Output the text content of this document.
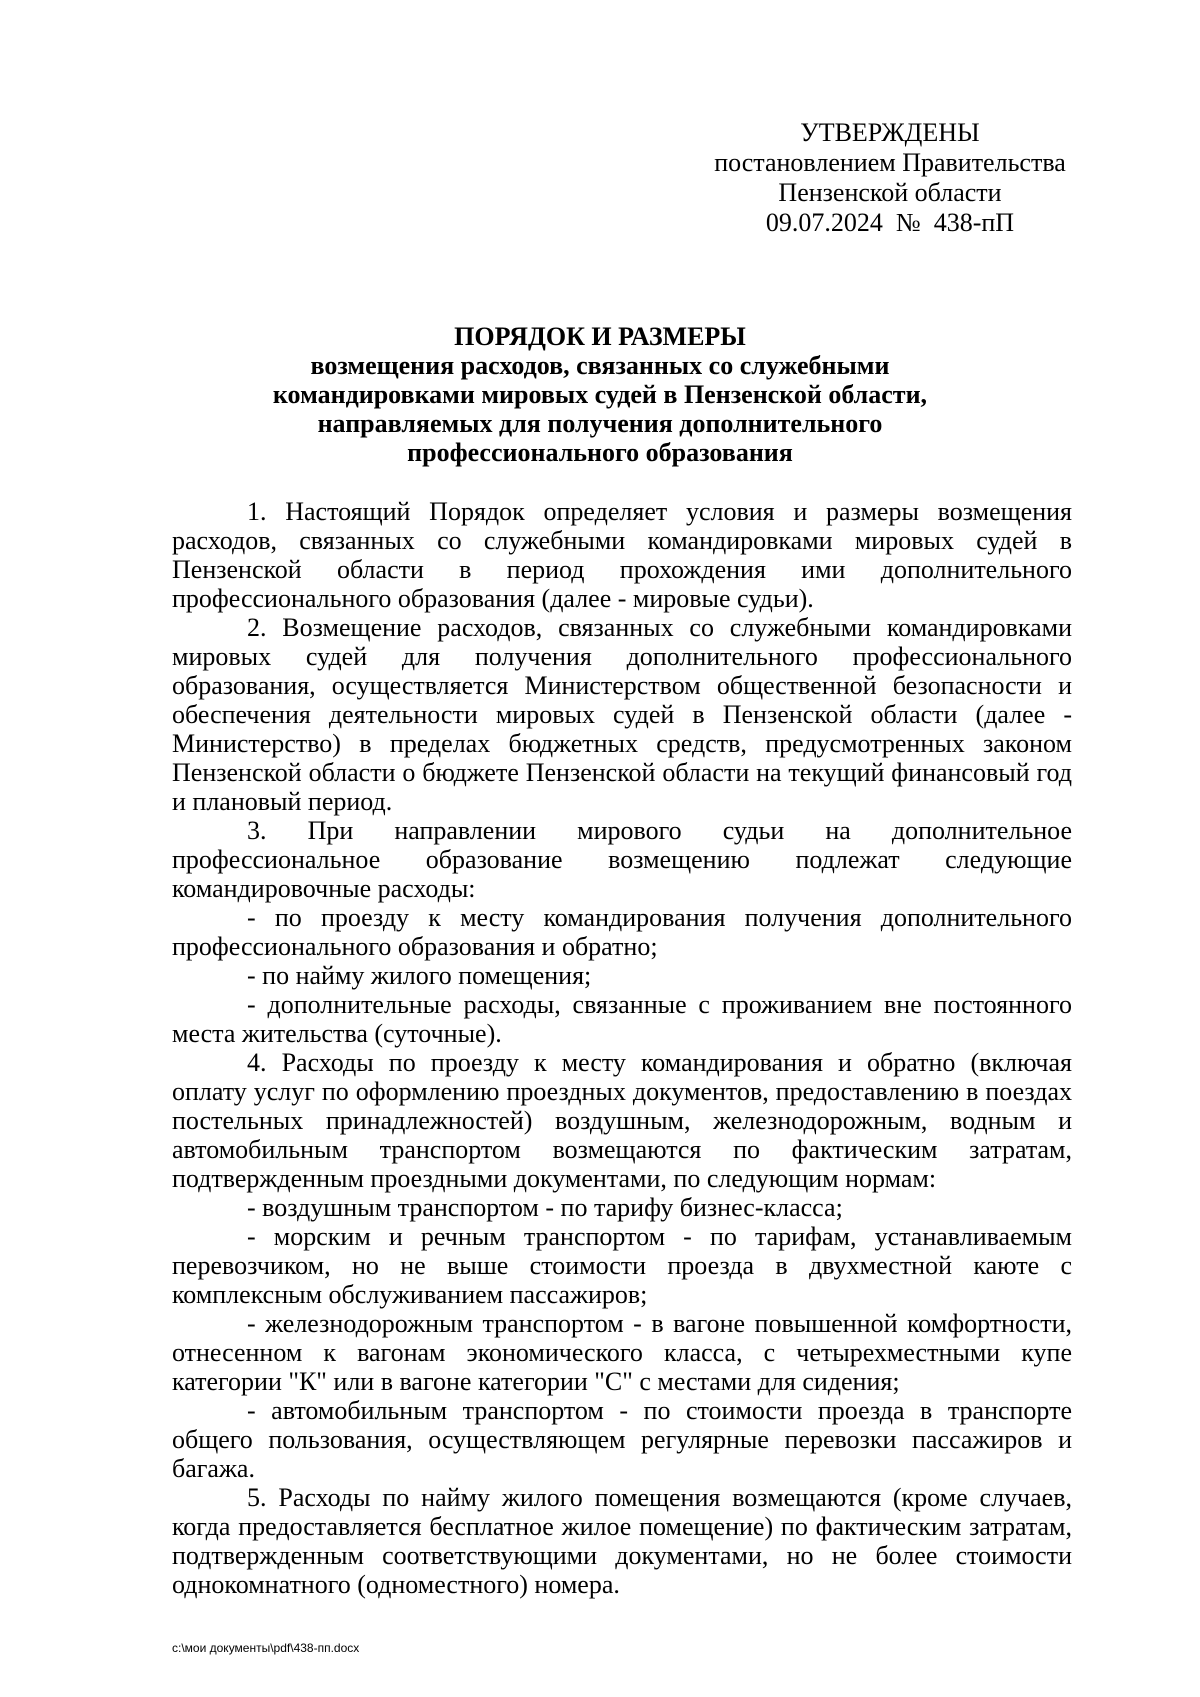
УТВЕРЖДЕНЫ
постановлением Правительства
Пензенской области
09.07.2024  №  438-пП
ПОРЯДОК И РАЗМЕРЫ
возмещения расходов, связанных со служебными
командировками мировых судей в Пензенской области,
направляемых для получения дополнительного
профессионального образования

1. Настоящий Порядок определяет условия и размеры возмещения расходов, связанных со служебными командировками мировых судей в Пензенской области в период прохождения ими дополнительного профессионального образования (далее - мировые судьи).

2. Возмещение расходов, связанных со служебными командировками мировых судей для получения дополнительного профессионального образования, осуществляется Министерством общественной безопасности и обеспечения деятельности мировых судей в Пензенской области (далее - Министерство) в пределах бюджетных средств, предусмотренных законом Пензенской области о бюджете Пензенской области на текущий финансовый год и плановый период.

3. При направлении мирового судьи на дополнительное профессиональное образование возмещению подлежат следующие командировочные расходы:

- по проезду к месту командирования получения дополнительного профессионального образования и обратно;

- по найму жилого помещения;

- дополнительные расходы, связанные с проживанием вне постоянного места жительства (суточные).

4. Расходы по проезду к месту командирования и обратно (включая оплату услуг по оформлению проездных документов, предоставлению в поездах постельных принадлежностей) воздушным, железнодорожным, водным и автомобильным транспортом возмещаются по фактическим затратам, подтвержденным проездными документами, по следующим нормам:

- воздушным транспортом - по тарифу бизнес-класса;

- морским и речным транспортом - по тарифам, устанавливаемым перевозчиком, но не выше стоимости проезда в двухместной каюте с комплексным обслуживанием пассажиров;

- железнодорожным транспортом - в вагоне повышенной комфортности, отнесенном к вагонам экономического класса, с четырехместными купе категории "К" или в вагоне категории "С" с местами для сидения;

- автомобильным транспортом - по стоимости проезда в транспорте общего пользования, осуществляющем регулярные перевозки пассажиров и багажа.

5. Расходы по найму жилого помещения возмещаются (кроме случаев, когда предоставляется бесплатное жилое помещение) по фактическим затратам, подтвержденным соответствующими документами, но не более стоимости однокомнатного (одноместного) номера.

c:\мои документы\pdf\438-пп.docx
